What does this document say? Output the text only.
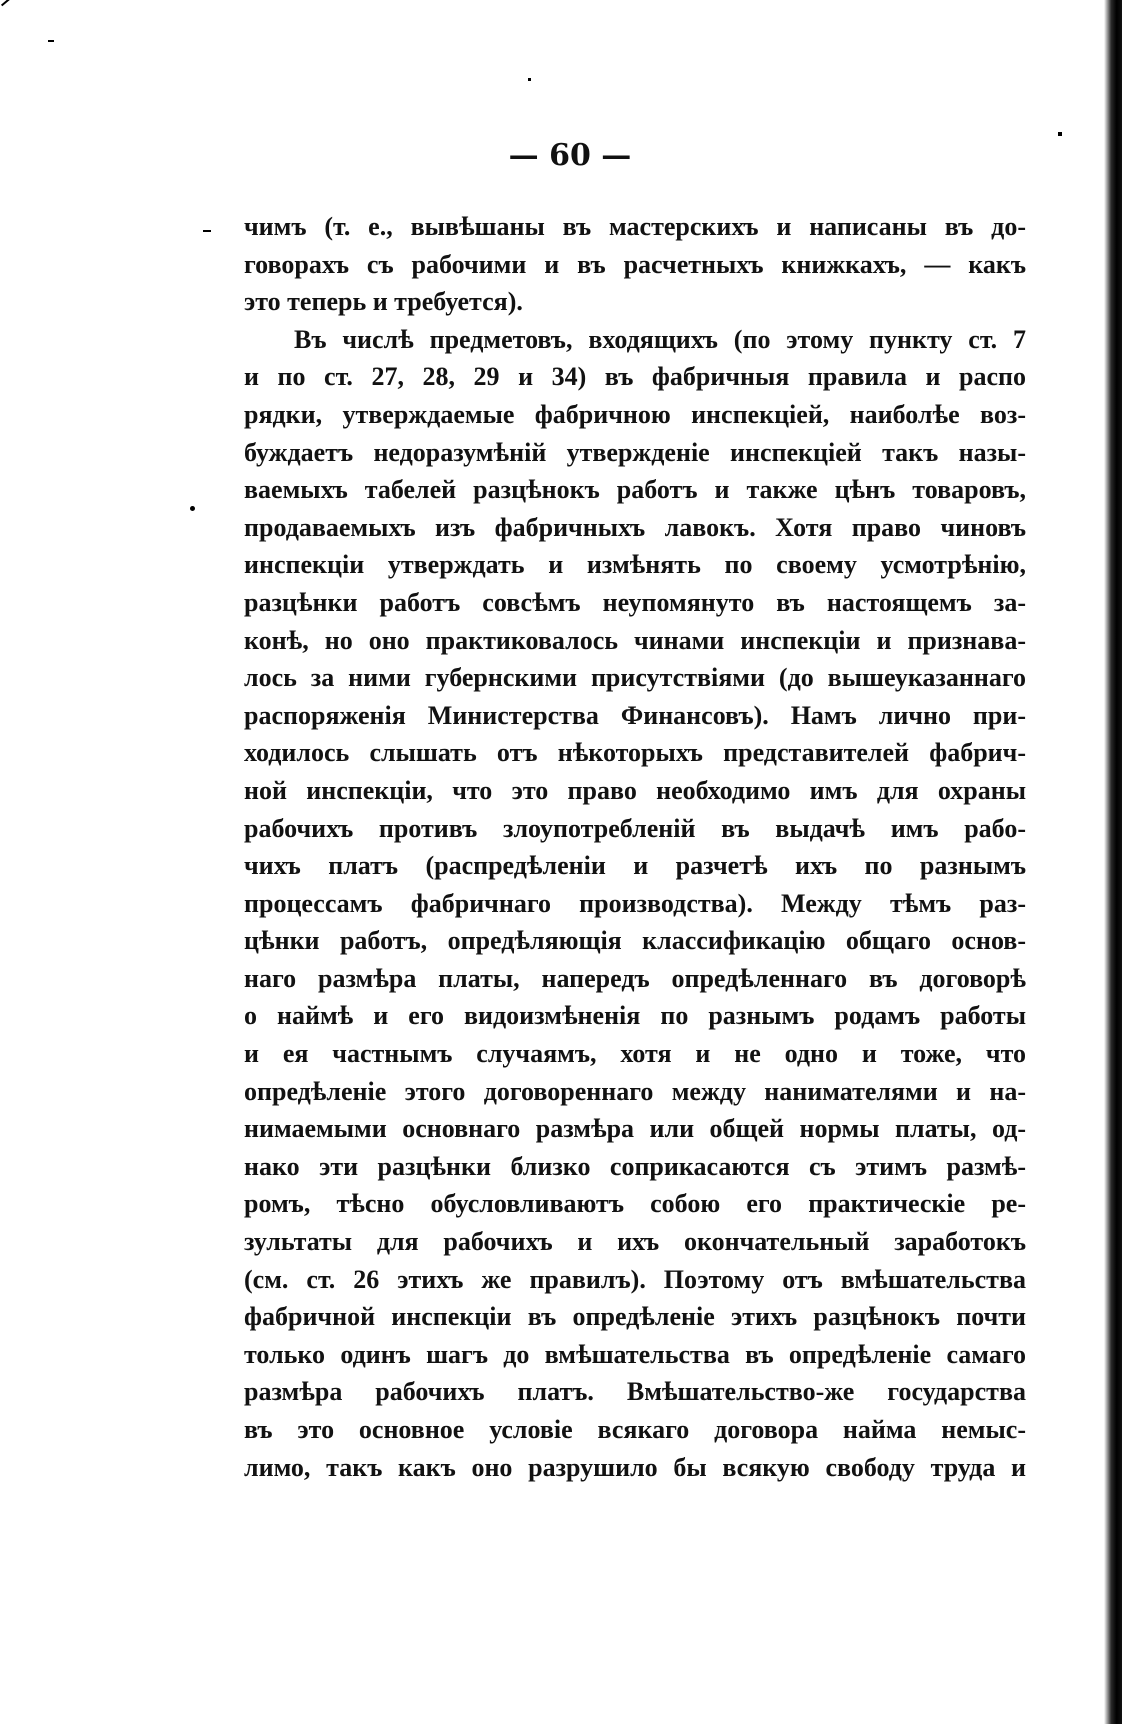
— 60 —
чимъ (т. е., вывѣшаны въ мастерскихъ и написаны въ до-
говорахъ съ рабочими и въ расчетныхъ книжкахъ, — какъ
это теперь и требуется).
Въ числѣ предметовъ, входящихъ (по этому пункту ст. 7
и по ст. 27, 28, 29 и 34) въ фабричныя правила и распо
рядки, утверждаемые фабричною инспекціей, наиболѣе воз-
буждаетъ недоразумѣній утвержденіе инспекціей такъ назы-
ваемыхъ табелей разцѣнокъ работъ и также цѣнъ товаровъ,
продаваемыхъ изъ фабричныхъ лавокъ. Хотя право чиновъ
инспекціи утверждать и измѣнять по своему усмотрѣнію,
разцѣнки работъ совсѣмъ неупомянуто въ настоящемъ за-
конѣ, но оно практиковалось чинами инспекціи и признава-
лось за ними губернскими присутствіями (до вышеуказаннаго
распоряженія Министерства Финансовъ). Намъ лично при-
ходилось слышать отъ нѣкоторыхъ представителей фабрич-
ной инспекціи, что это право необходимо имъ для охраны
рабочихъ противъ злоупотребленій въ выдачѣ имъ рабо-
чихъ платъ (распредѣленіи и разчетѣ ихъ по разнымъ
процессамъ фабричнаго производства). Между тѣмъ раз-
цѣнки работъ, опредѣляющія классификацію общаго основ-
наго размѣра платы, напередъ опредѣленнаго въ договорѣ
о наймѣ и его видоизмѣненія по разнымъ родамъ работы
и ея частнымъ случаямъ, хотя и не одно и тоже, что
опредѣленіе этого договореннаго между нанимателями и на-
нимаемыми основнаго размѣра или общей нормы платы, од-
нако эти разцѣнки близко соприкасаются съ этимъ размѣ-
ромъ, тѣсно обусловливаютъ собою его практическіе ре-
зультаты для рабочихъ и ихъ окончательный заработокъ
(см. ст. 26 этихъ же правилъ). Поэтому отъ вмѣшательства
фабричной инспекціи въ опредѣленіе этихъ разцѣнокъ почти
только одинъ шагъ до вмѣшательства въ опредѣленіе самаго
размѣра рабочихъ платъ. Вмѣшательство-же государства
въ это основное условіе всякаго договора найма немыс-
лимо, такъ какъ оно разрушило бы всякую свободу труда и
